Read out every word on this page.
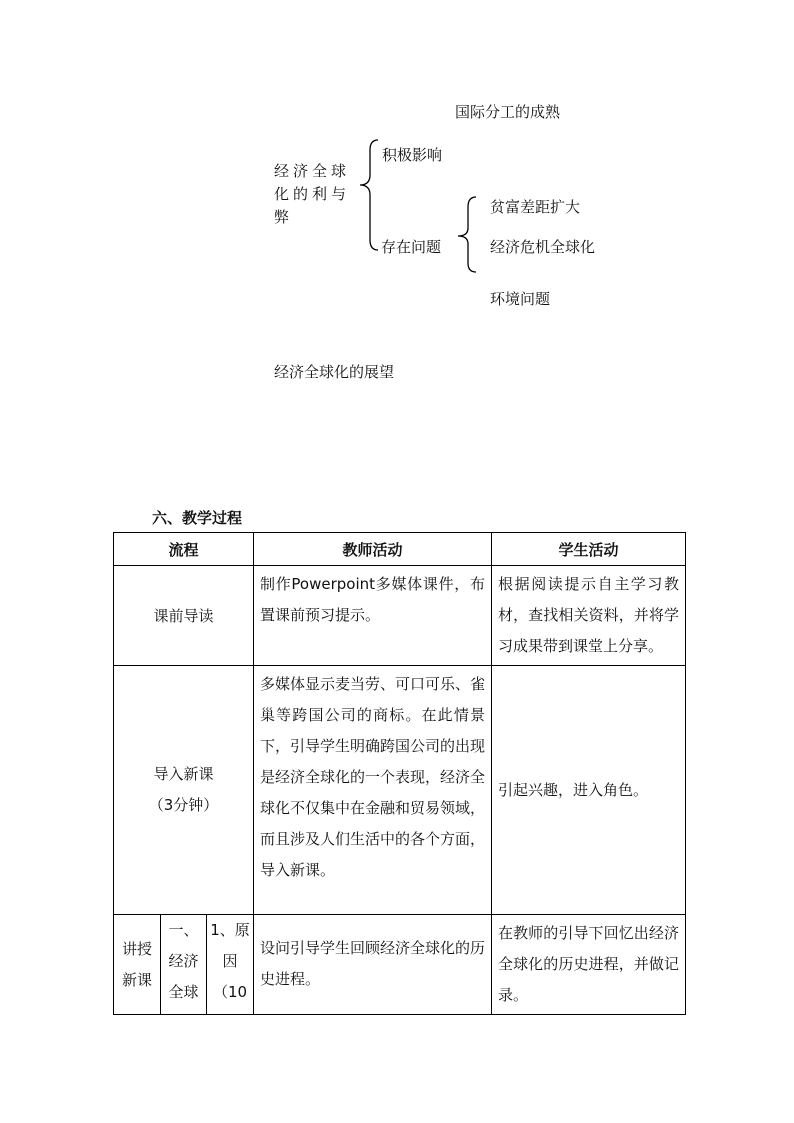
国际分工的成熟
经济全球化的利与弊
积极影响
存在问题
贫富差距扩大
经济危机全球化
环境问题
经济全球化的展望
六、教学过程
流程			教师活动	学生活动
课前导读			制作Powerpoint多媒体课件，布置课前预习提示。	根据阅读提示自主学习教材，查找相关资料，并将学习成果带到课堂上分享。

导入新课
（3分钟）			多媒体显示麦当劳、可口可乐、雀巢等跨国公司的商标。在此情景下，引导学生明确跨国公司的出现是经济全球化的一个表现，经济全球化不仅集中在金融和贸易领域，而且涉及人们生活中的各个方面，导入新课。	引起兴趣，进入角色。

讲授新课	一、经济全球	1、原因（10	设问引导学生回顾经济全球化的历史进程。	在教师的引导下回忆出经济全球化的历史进程，并做记录。
